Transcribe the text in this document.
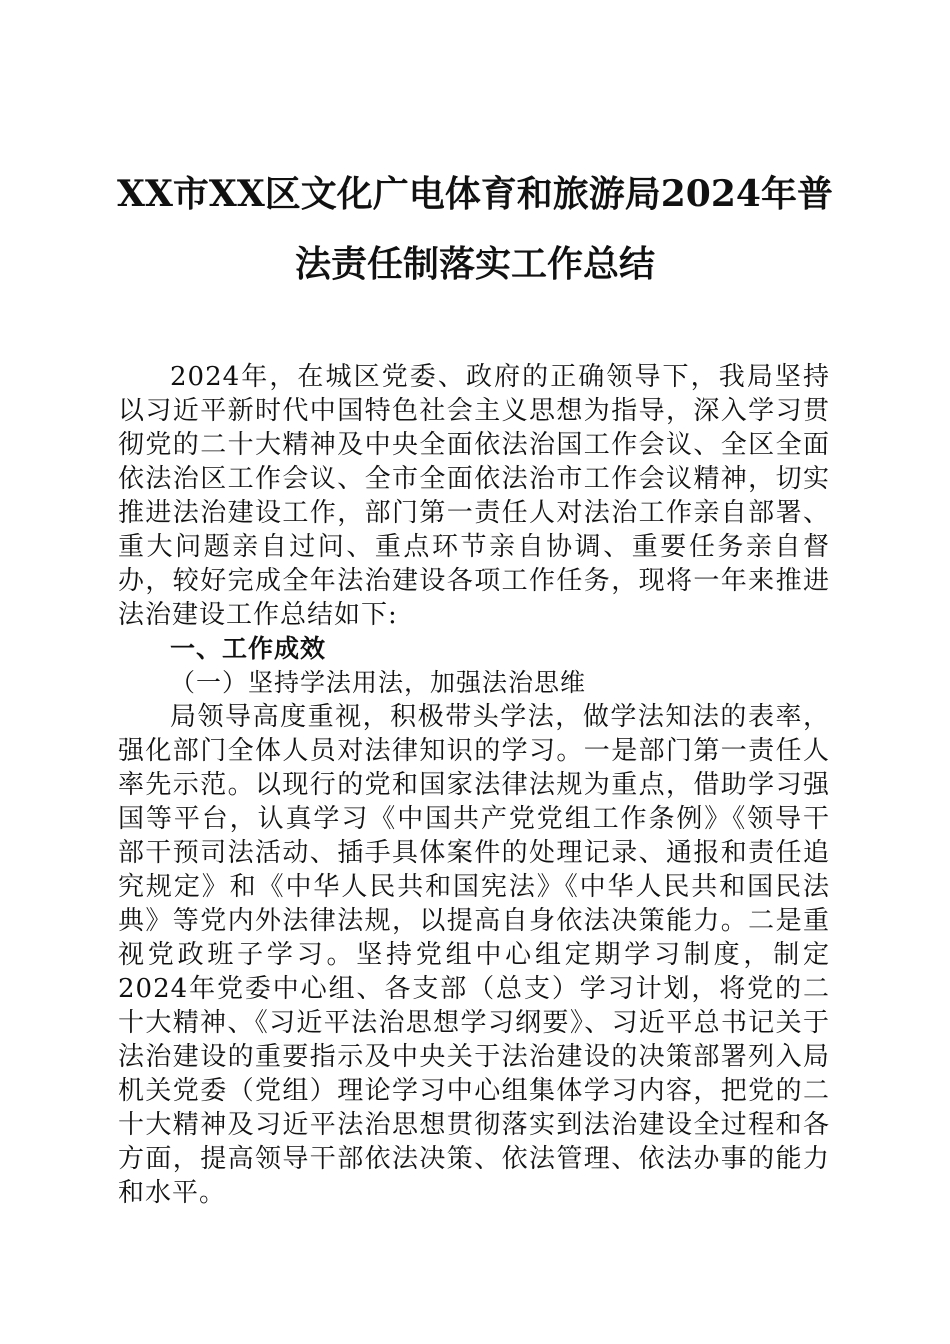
XX市XX区文化广电体育和旅游局2024年普
法责任制落实工作总结

2024年，在城区党委、政府的正确领导下，我局坚持以习近平新时代中国特色社会主义思想为指导，深入学习贯彻党的二十大精神及中央全面依法治国工作会议、全区全面依法治区工作会议、全市全面依法治市工作会议精神，切实推进法治建设工作，部门第一责任人对法治工作亲自部署、重大问题亲自过问、重点环节亲自协调、重要任务亲自督办，较好完成全年法治建设各项工作任务，现将一年来推进法治建设工作总结如下:

一、工作成效

（一）坚持学法用法，加强法治思维

局领导高度重视，积极带头学法，做学法知法的表率，强化部门全体人员对法律知识的学习。一是部门第一责任人率先示范。以现行的党和国家法律法规为重点，借助学习强国等平台，认真学习《中国共产党党组工作条例》《领导干部干预司法活动、插手具体案件的处理记录、通报和责任追究规定》和《中华人民共和国宪法》《中华人民共和国民法典》等党内外法律法规，以提高自身依法决策能力。二是重视党政班子学习。坚持党组中心组定期学习制度，制定2024年党委中心组、各支部（总支）学习计划，将党的二十大精神、《习近平法治思想学习纲要》、习近平总书记关于法治建设的重要指示及中央关于法治建设的决策部署列入局机关党委（党组）理论学习中心组集体学习内容，把党的二十大精神及习近平法治思想贯彻落实到法治建设全过程和各方面，提高领导干部依法决策、依法管理、依法办事的能力和水平。
